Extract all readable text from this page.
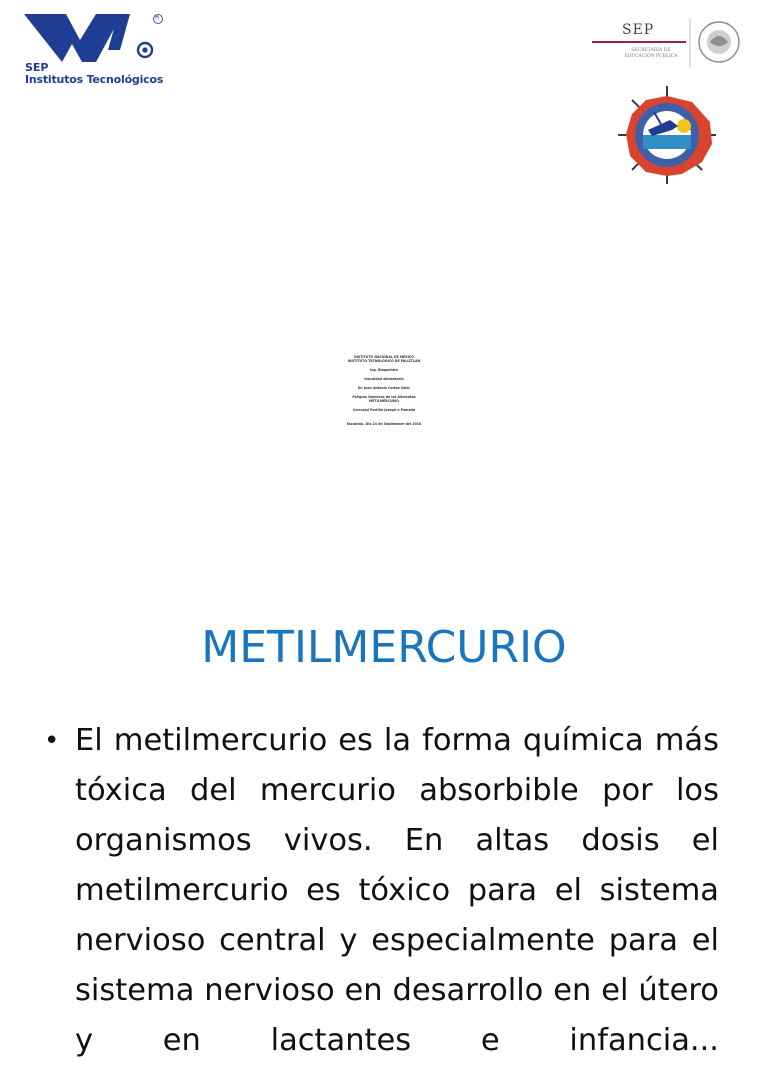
R
SEP
Institutos Tecnológicos
SEP
SECRETARÍA DE
EDUCACIÓN PÚBLICA
INSTITUTO NACIONAL DE MÉXICO
INSTITUTO TECNOLÓGICO DE PALIZTLAN
Ing. Bioquímica
Inocuidad alimentaria
Dr. Juan Antonio Cortez Soler
Peligros Químicos de los Alimentos
METILMERCURIO
Carrasjal Portillo Joseph a Pomeda
Escuintla, Dia 24 de Septiembre del 2018
METILMERCURIO
• El metilmercurio es la forma química más
tóxica del mercurio absorbible por los
organismos vivos. En altas dosis el
metilmercurio es tóxico para el sistema
nervioso central y especialmente para el
sistema nervioso en desarrollo en el útero
y en lactantes e infancia...
